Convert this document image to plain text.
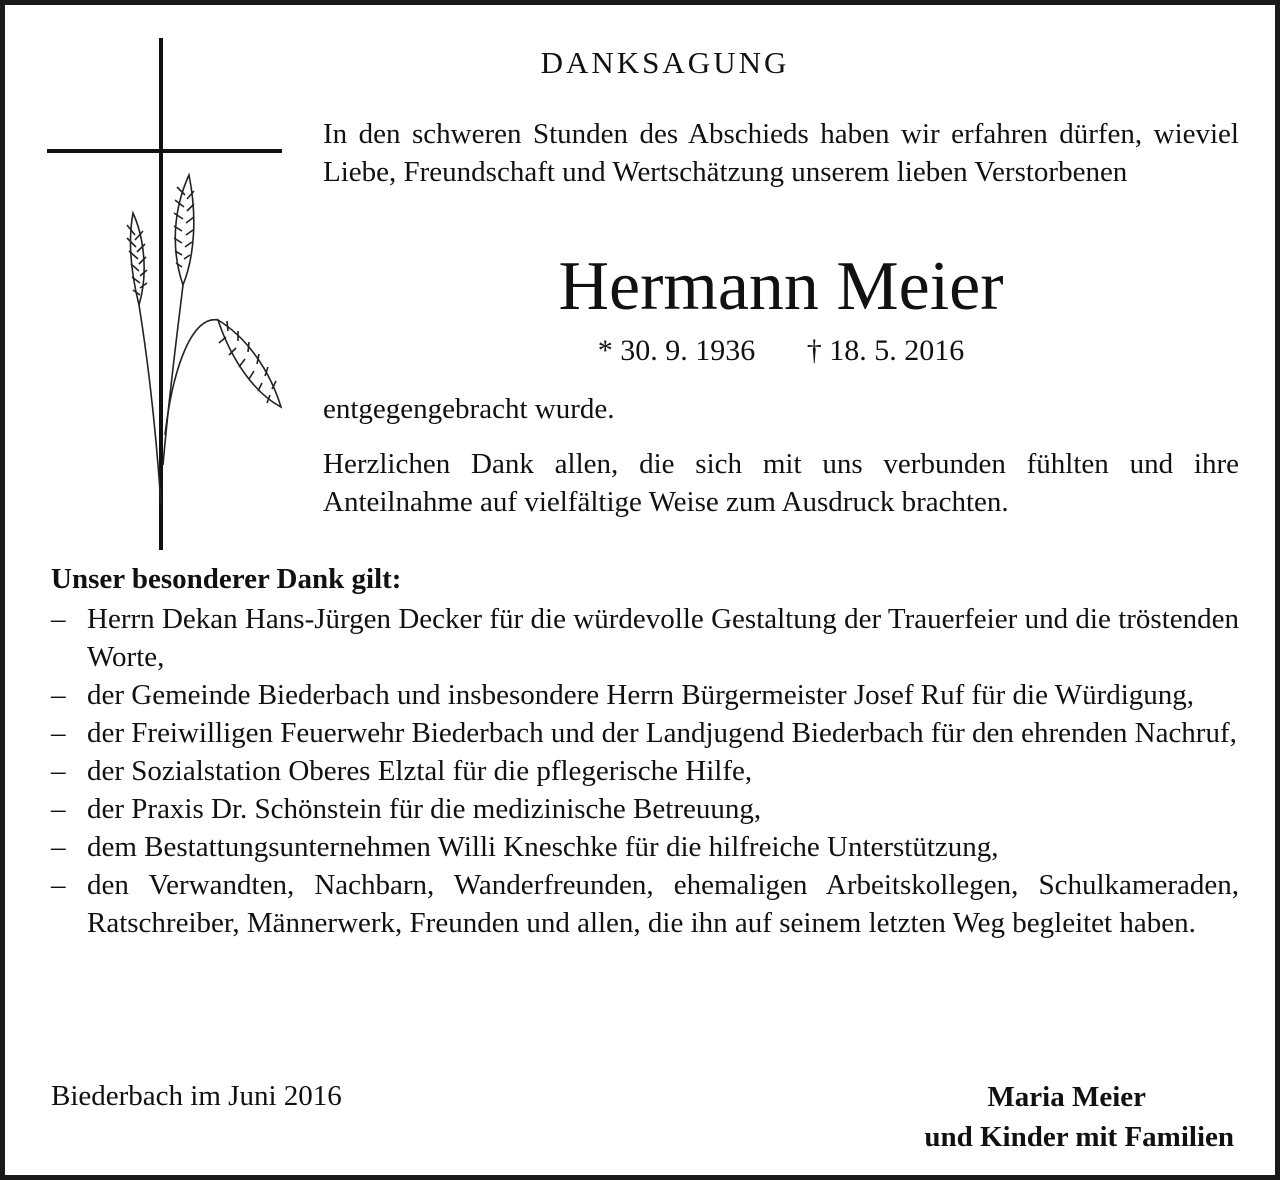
DANKSAGUNG
In den schweren Stunden des Abschieds haben wir erfahren dürfen, wieviel Liebe, Freundschaft und Wertschätzung unserem lieben Verstorbenen
Hermann Meier
* 30. 9. 1936 † 18. 5. 2016
entgegengebracht wurde.
Herzlichen Dank allen, die sich mit uns verbunden fühlten und ihre Anteilnahme auf vielfältige Weise zum Ausdruck brachten.
Unser besonderer Dank gilt:
– Herrn Dekan Hans-Jürgen Decker für die würdevolle Gestaltung der Trauerfeier und die tröstenden Worte,
– der Gemeinde Biederbach und insbesondere Herrn Bürgermeister Josef Ruf für die Würdigung,
– der Freiwilligen Feuerwehr Biederbach und der Landjugend Biederbach für den ehrenden Nachruf,
– der Sozialstation Oberes Elztal für die pflegerische Hilfe,
– der Praxis Dr. Schönstein für die medizinische Betreuung,
– dem Bestattungsunternehmen Willi Kneschke für die hilfreiche Unterstützung,
– den Verwandten, Nachbarn, Wanderfreunden, ehemaligen Arbeitskollegen, Schulkameraden, Ratschreiber, Männerwerk, Freunden und allen, die ihn auf seinem letzten Weg begleitet haben.
Biederbach im Juni 2016	Maria Meier
und Kinder mit Familien
